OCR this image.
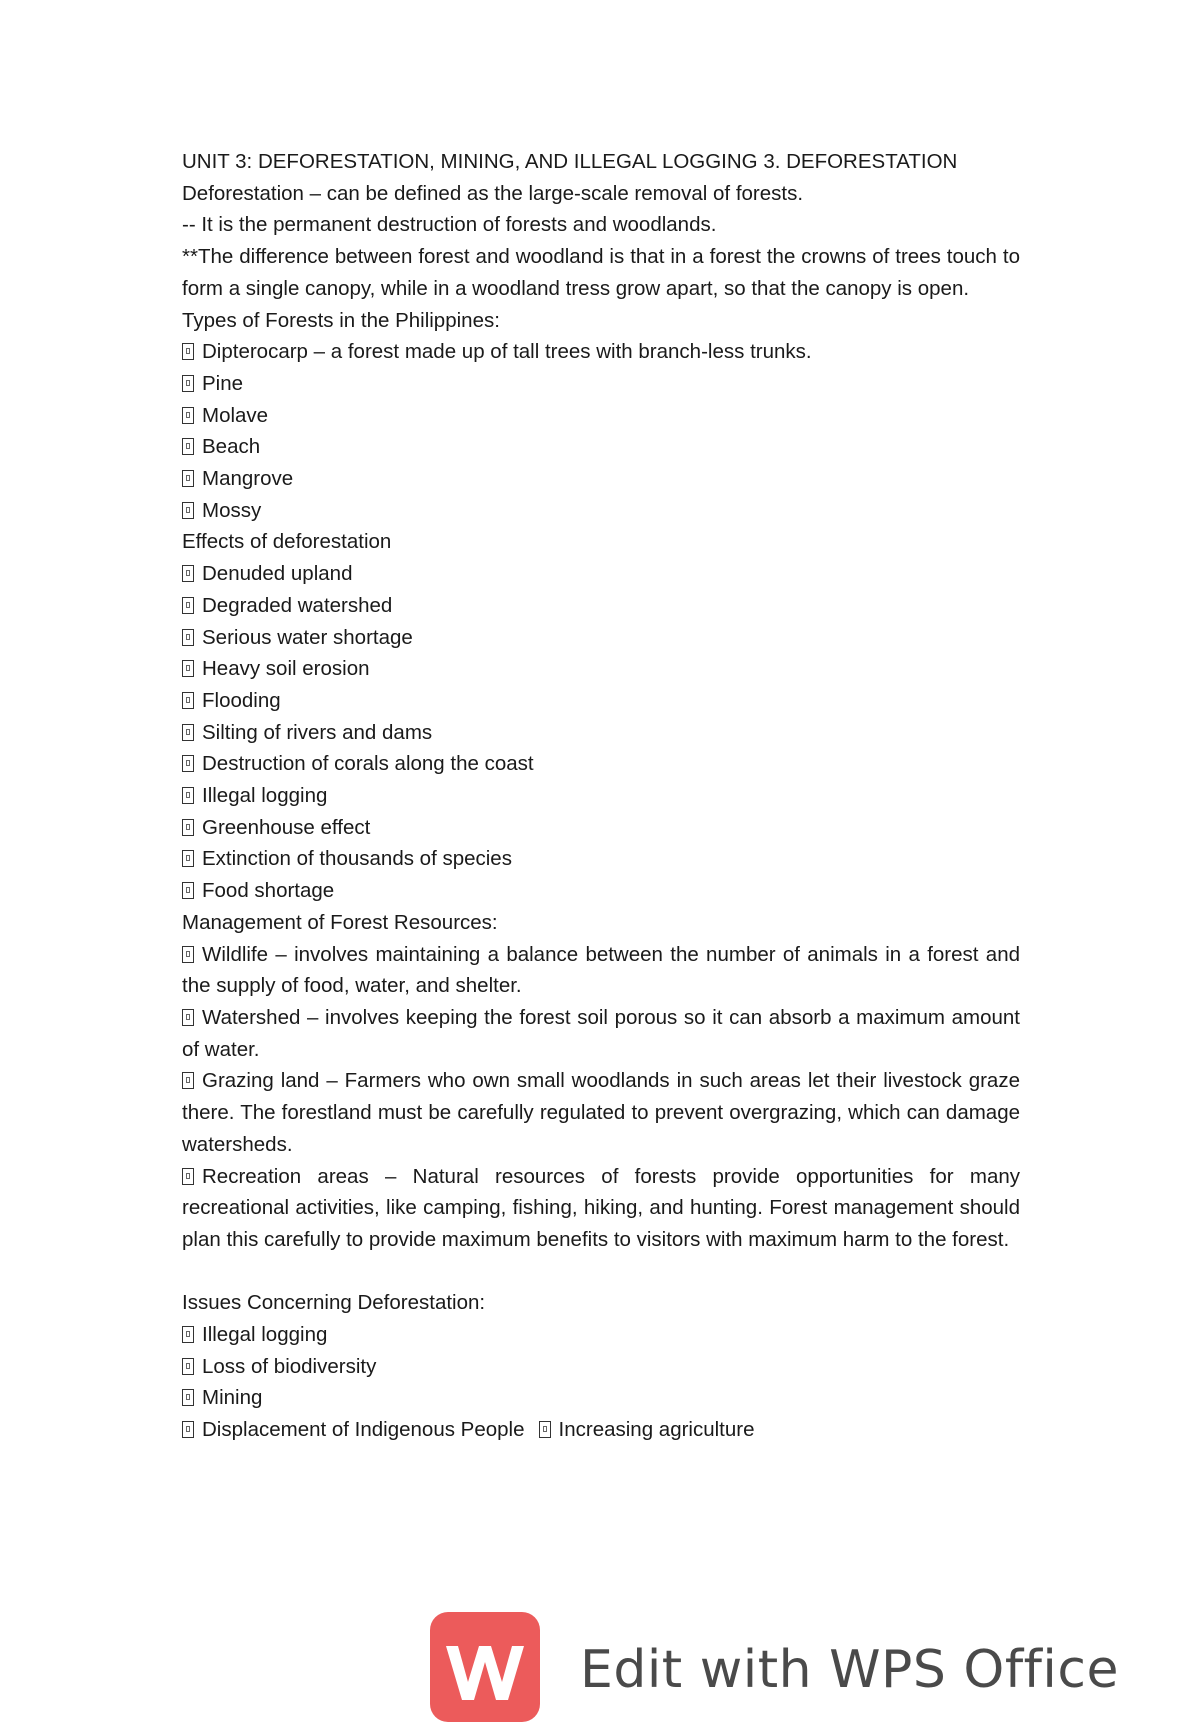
UNIT 3: DEFORESTATION, MINING, AND ILLEGAL LOGGING 3. DEFORESTATION

Deforestation – can be defined as the large-scale removal of forests.

-- It is the permanent destruction of forests and woodlands.

**The difference between forest and woodland is that in a forest the crowns of trees touch to form a single canopy, while in a woodland tress grow apart, so that the canopy is open.

Types of Forests in the Philippines:

Dipterocarp – a forest made up of tall trees with branch-less trunks.

Pine

Molave

Beach

Mangrove

Mossy

Effects of deforestation

Denuded upland

Degraded watershed

Serious water shortage

Heavy soil erosion

Flooding

Silting of rivers and dams

Destruction of corals along the coast

Illegal logging

Greenhouse effect

Extinction of thousands of species

Food shortage

Management of Forest Resources:

Wildlife – involves maintaining a balance between the number of animals in a forest and the supply of food, water, and shelter.

Watershed – involves keeping the forest soil porous so it can absorb a maximum amount of water.

Grazing land – Farmers who own small woodlands in such areas let their livestock graze there. The forestland must be carefully regulated to prevent overgrazing, which can damage watersheds.

Recreation areas – Natural resources of forests provide opportunities for many recreational activities, like camping, fishing, hiking, and hunting. Forest management should plan this carefully to provide maximum benefits to visitors with maximum harm to the forest.

Issues Concerning Deforestation:

Illegal logging

Loss of biodiversity

Mining

Displacement of Indigenous People Increasing agriculture

Edit with WPS Office
